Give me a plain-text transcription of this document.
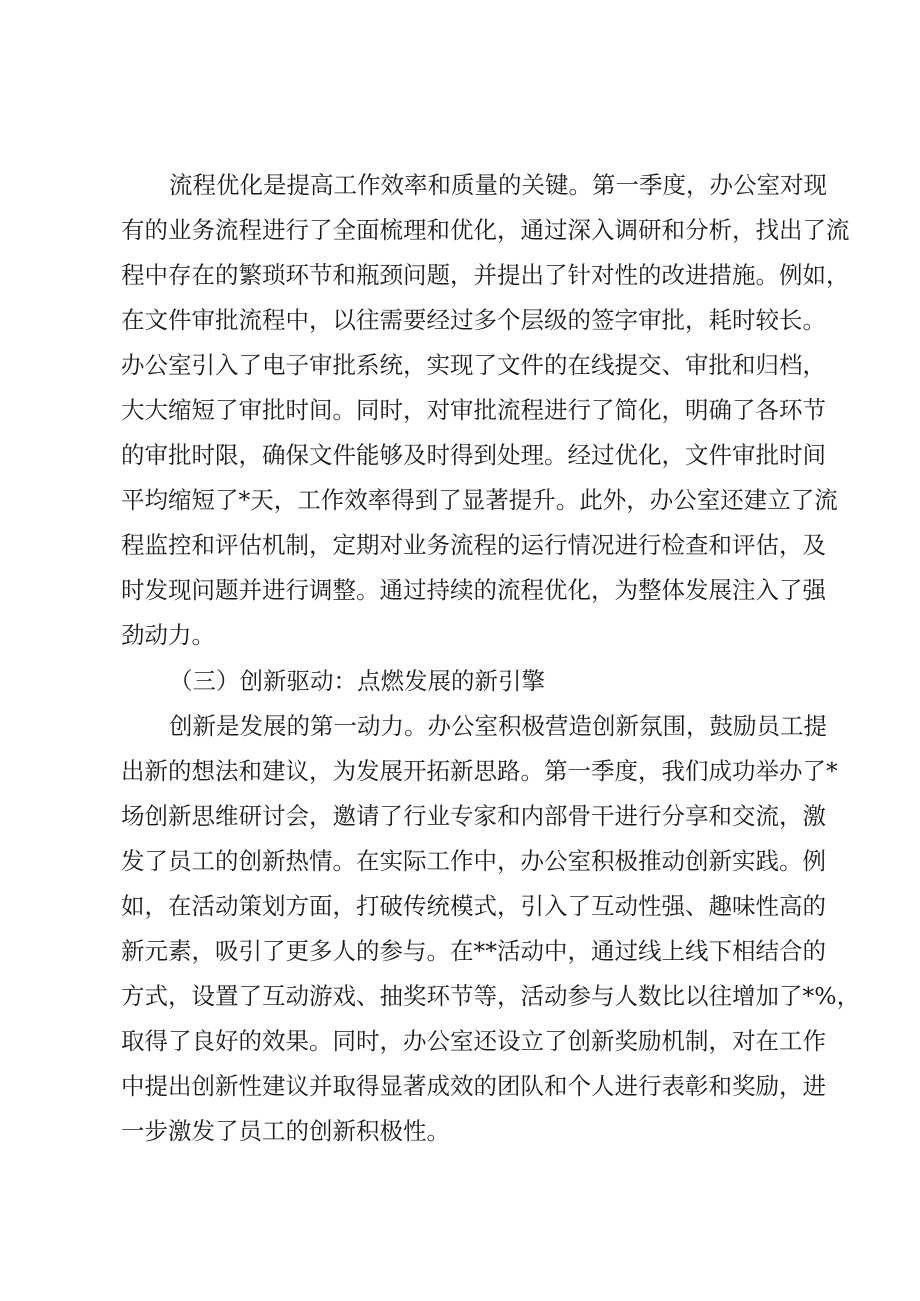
流程优化是提高工作效率和质量的关键。第一季度，办公室对现
有的业务流程进行了全面梳理和优化，通过深入调研和分析，找出了流
程中存在的繁琐环节和瓶颈问题，并提出了针对性的改进措施。例如，
在文件审批流程中，以往需要经过多个层级的签字审批，耗时较长。
办公室引入了电子审批系统，实现了文件的在线提交、审批和归档，
大大缩短了审批时间。同时，对审批流程进行了简化，明确了各环节
的审批时限，确保文件能够及时得到处理。经过优化，文件审批时间
平均缩短了*天，工作效率得到了显著提升。此外，办公室还建立了流
程监控和评估机制，定期对业务流程的运行情况进行检查和评估，及
时发现问题并进行调整。通过持续的流程优化，为整体发展注入了强
劲动力。
（三）创新驱动：点燃发展的新引擎
创新是发展的第一动力。办公室积极营造创新氛围，鼓励员工提
出新的想法和建议，为发展开拓新思路。第一季度，我们成功举办了*
场创新思维研讨会，邀请了行业专家和内部骨干进行分享和交流，激
发了员工的创新热情。在实际工作中，办公室积极推动创新实践。例
如，在活动策划方面，打破传统模式，引入了互动性强、趣味性高的
新元素，吸引了更多人的参与。在**活动中，通过线上线下相结合的
方式，设置了互动游戏、抽奖环节等，活动参与人数比以往增加了*%，
取得了良好的效果。同时，办公室还设立了创新奖励机制，对在工作
中提出创新性建议并取得显著成效的团队和个人进行表彰和奖励，进
一步激发了员工的创新积极性。
